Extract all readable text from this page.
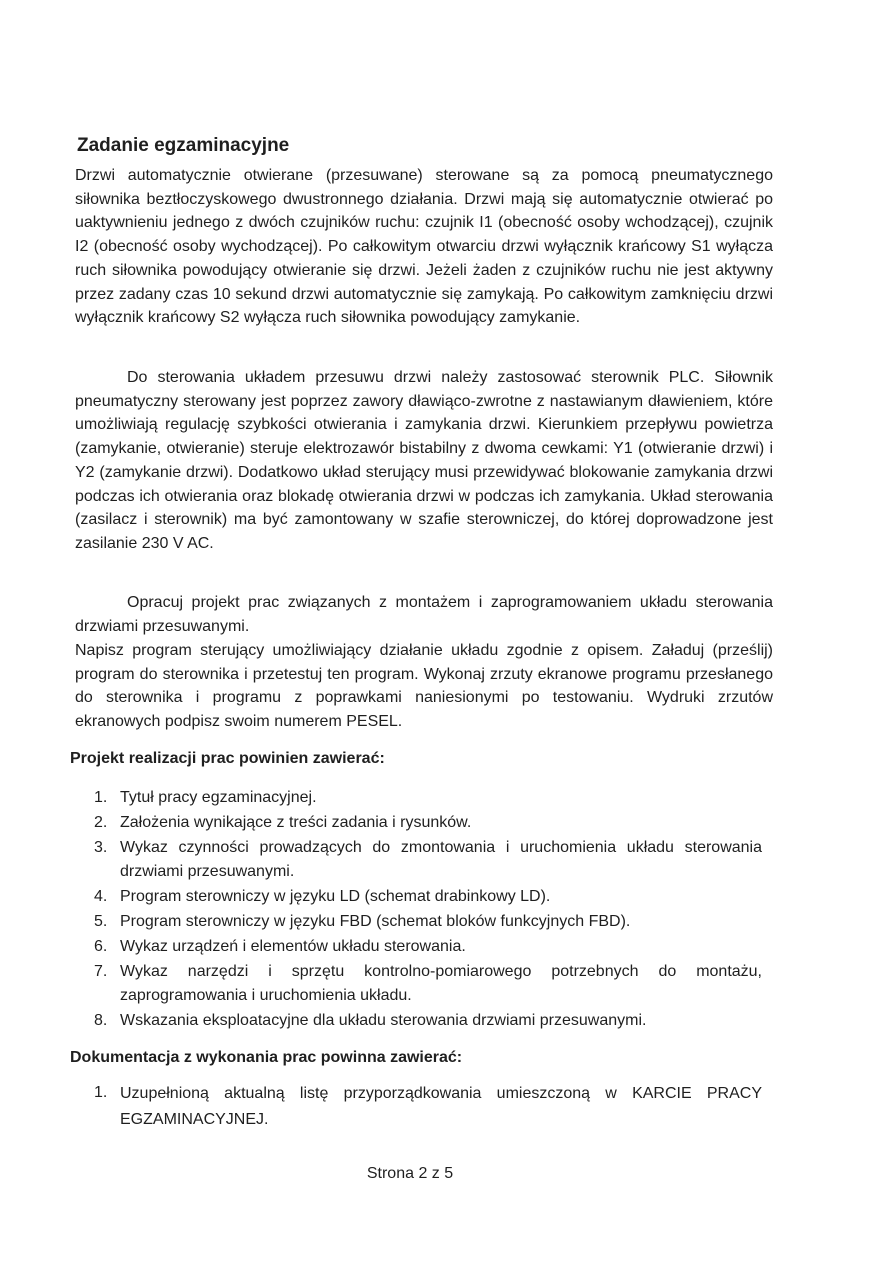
Zadanie egzaminacyjne

Drzwi automatycznie otwierane (przesuwane) sterowane są za pomocą pneumatycznego siłownika beztłoczyskowego dwustronnego działania. Drzwi mają się automatycznie otwierać po uaktywnieniu jednego z dwóch czujników ruchu: czujnik I1 (obecność osoby wchodzącej), czujnik I2 (obecność osoby wychodzącej). Po całkowitym otwarciu drzwi wyłącznik krańcowy S1 wyłącza ruch siłownika powodujący otwieranie się drzwi. Jeżeli żaden z czujników ruchu nie jest aktywny przez zadany czas 10 sekund drzwi automatycznie się zamykają. Po całkowitym zamknięciu drzwi wyłącznik krańcowy S2 wyłącza ruch siłownika powodujący zamykanie.

Do sterowania układem przesuwu drzwi należy zastosować sterownik PLC. Siłownik pneumatyczny sterowany jest poprzez zawory dławiąco-zwrotne z nastawianym dławieniem, które umożliwiają regulację szybkości otwierania i zamykania drzwi. Kierunkiem przepływu powietrza (zamykanie, otwieranie) steruje elektrozawór bistabilny z dwoma cewkami: Y1 (otwieranie drzwi) i Y2 (zamykanie drzwi). Dodatkowo układ sterujący musi przewidywać blokowanie zamykania drzwi podczas ich otwierania oraz blokadę otwierania drzwi w podczas ich zamykania. Układ sterowania (zasilacz i sterownik) ma być zamontowany w szafie sterowniczej, do której doprowadzone jest zasilanie 230 V AC.

Opracuj projekt prac związanych z montażem i zaprogramowaniem układu sterowania drzwiami przesuwanymi.

Napisz program sterujący umożliwiający działanie układu zgodnie z opisem. Załaduj (prześlij) program do sterownika i przetestuj ten program. Wykonaj zrzuty ekranowe programu przesłanego do sterownika i programu z poprawkami naniesionymi po testowaniu. Wydruki zrzutów ekranowych podpisz swoim numerem PESEL.

Projekt realizacji prac powinien zawierać:
1. Tytuł pracy egzaminacyjnej.
2. Założenia wynikające z treści zadania i rysunków.
3. Wykaz czynności prowadzących do zmontowania i uruchomienia układu sterowania drzwiami przesuwanymi.
4. Program sterowniczy w języku LD (schemat drabinkowy LD).
5. Program sterowniczy w języku FBD (schemat bloków funkcyjnych FBD).
6. Wykaz urządzeń i elementów układu sterowania.
7. Wykaz narzędzi i sprzętu kontrolno-pomiarowego potrzebnych do montażu, zaprogramowania i uruchomienia układu.
8. Wskazania eksploatacyjne dla układu sterowania drzwiami przesuwanymi.
Dokumentacja z wykonania prac powinna zawierać:
1. Uzupełnioną aktualną listę przyporządkowania umieszczoną w KARCIE PRACY EGZAMINACYJNEJ.
Strona 2 z 5
